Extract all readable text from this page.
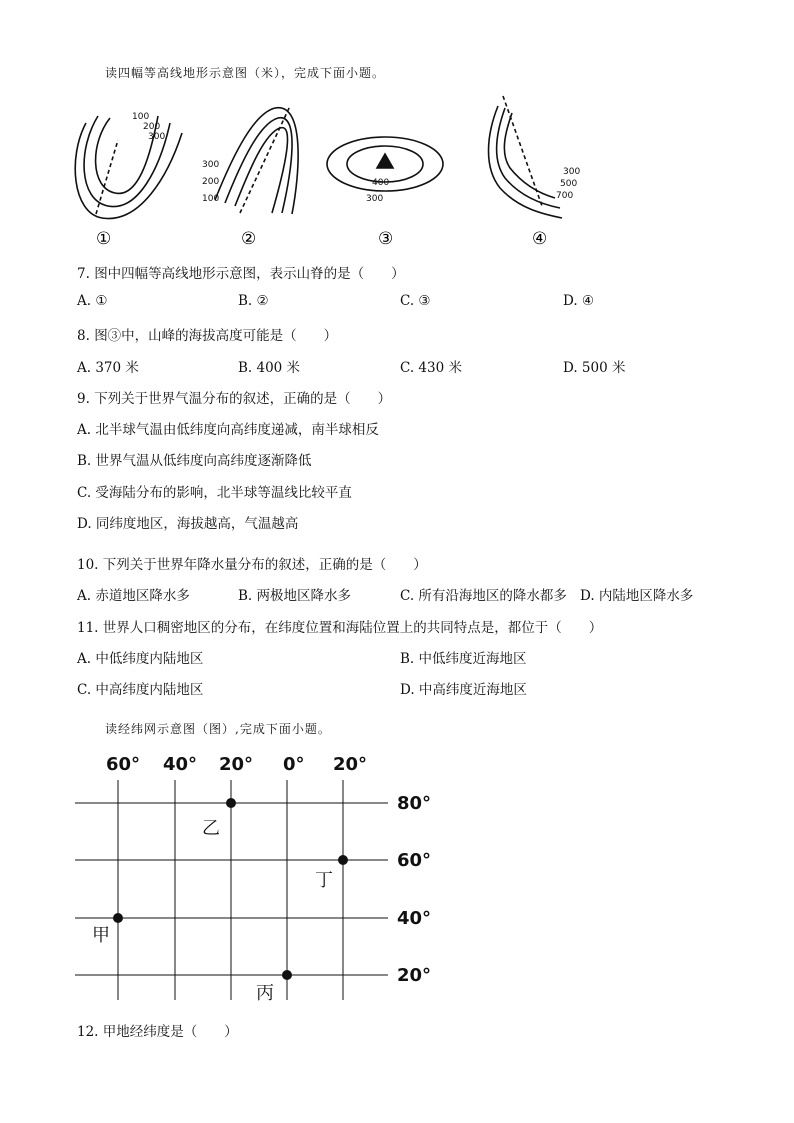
读四幅等高线地形示意图（米），完成下面小题。
100
200
300
300
200
100
400
300
300
500
700
①	②	③	④
7. 图中四幅等高线地形示意图，表示山脊的是（　　）
A. ①	B. ②	C. ③	D. ④
8. 图③中，山峰的海拔高度可能是（　　）
A. 370 米	B. 400 米	C. 430 米	D. 500 米
9. 下列关于世界气温分布的叙述，正确的是（　　）
A. 北半球气温由低纬度向高纬度递减，南半球相反
B. 世界气温从低纬度向高纬度逐渐降低
C. 受海陆分布的影响，北半球等温线比较平直
D. 同纬度地区，海拔越高，气温越高
10. 下列关于世界年降水量分布的叙述，正确的是（　　）
A. 赤道地区降水多	B. 两极地区降水多	C. 所有沿海地区的降水都多 D. 内陆地区降水多
11. 世界人口稠密地区的分布，在纬度位置和海陆位置上的共同特点是，都位于（　　）
A. 中低纬度内陆地区	B. 中低纬度近海地区
C. 中高纬度内陆地区	D. 中高纬度近海地区
读经纬网示意图（图）,完成下面小题。
60° 40° 20° 0° 20°
80°
60°
40°
20°
甲
乙
丙
丁
12. 甲地经纬度是（　　）
